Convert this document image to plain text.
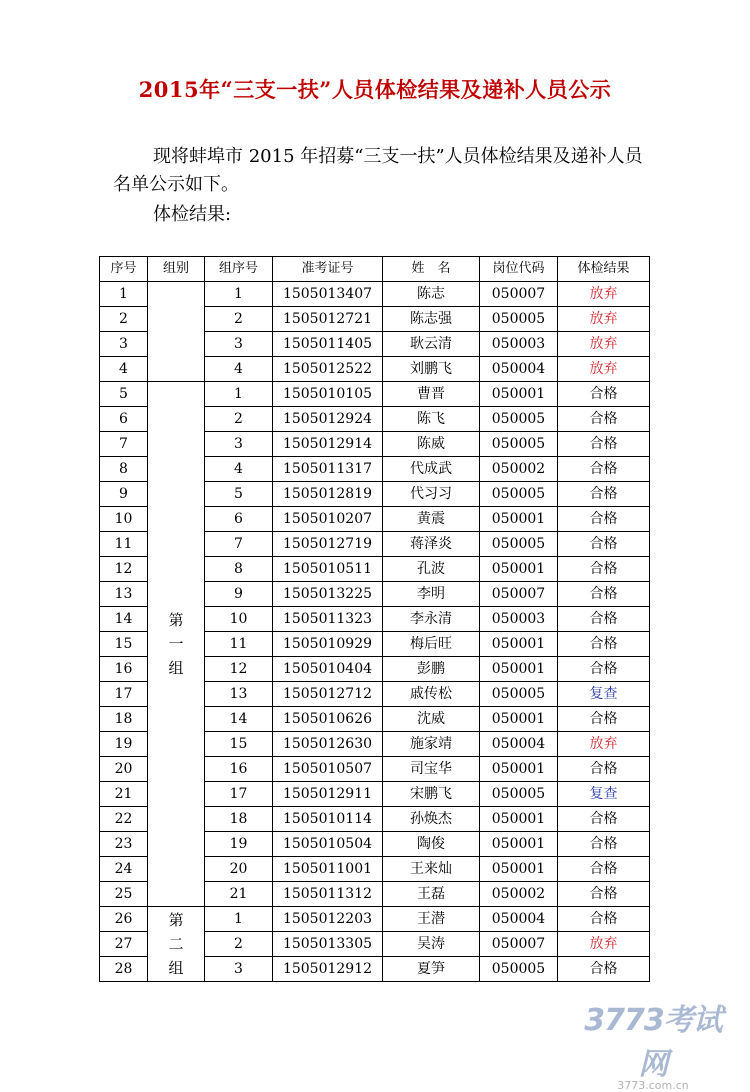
2015年“三支一扶”人员体检结果及递补人员公示

现将蚌埠市 2015 年招募“三支一扶”人员体检结果及递补人员名单公示如下。

体检结果:

序号	组别	组序号	准考证号	姓　名	岗位代码	体检结果
1		1	1505013407	陈志	050007	放弃
2		2	1505012721	陈志强	050005	放弃
3		3	1505011405	耿云清	050003	放弃
4		4	1505012522	刘鹏飞	050004	放弃
5	第
一
组	1	1505010105	曹晋	050001	合格
6		2	1505012924	陈飞	050005	合格
7		3	1505012914	陈威	050005	合格
8		4	1505011317	代成武	050002	合格
9		5	1505012819	代习习	050005	合格
10		6	1505010207	黄震	050001	合格
11		7	1505012719	蒋泽炎	050005	合格
12		8	1505010511	孔波	050001	合格
13		9	1505013225	李明	050007	合格
14		10	1505011323	李永清	050003	合格
15		11	1505010929	梅后旺	050001	合格
16		12	1505010404	彭鹏	050001	合格
17		13	1505012712	戚传松	050005	复查
18		14	1505010626	沈威	050001	合格
19		15	1505012630	施家靖	050004	放弃
20		16	1505010507	司宝华	050001	合格
21		17	1505012911	宋鹏飞	050005	复查
22		18	1505010114	孙焕杰	050001	合格
23		19	1505010504	陶俊	050001	合格
24		20	1505011001	王来灿	050001	合格
25		21	1505011312	王磊	050002	合格
26	第
二
组	1	1505012203	王潜	050004	合格
27		2	1505013305	吴涛	050007	放弃
28		3	1505012912	夏笋	050005	合格
3773考试网
3773.com.cn
